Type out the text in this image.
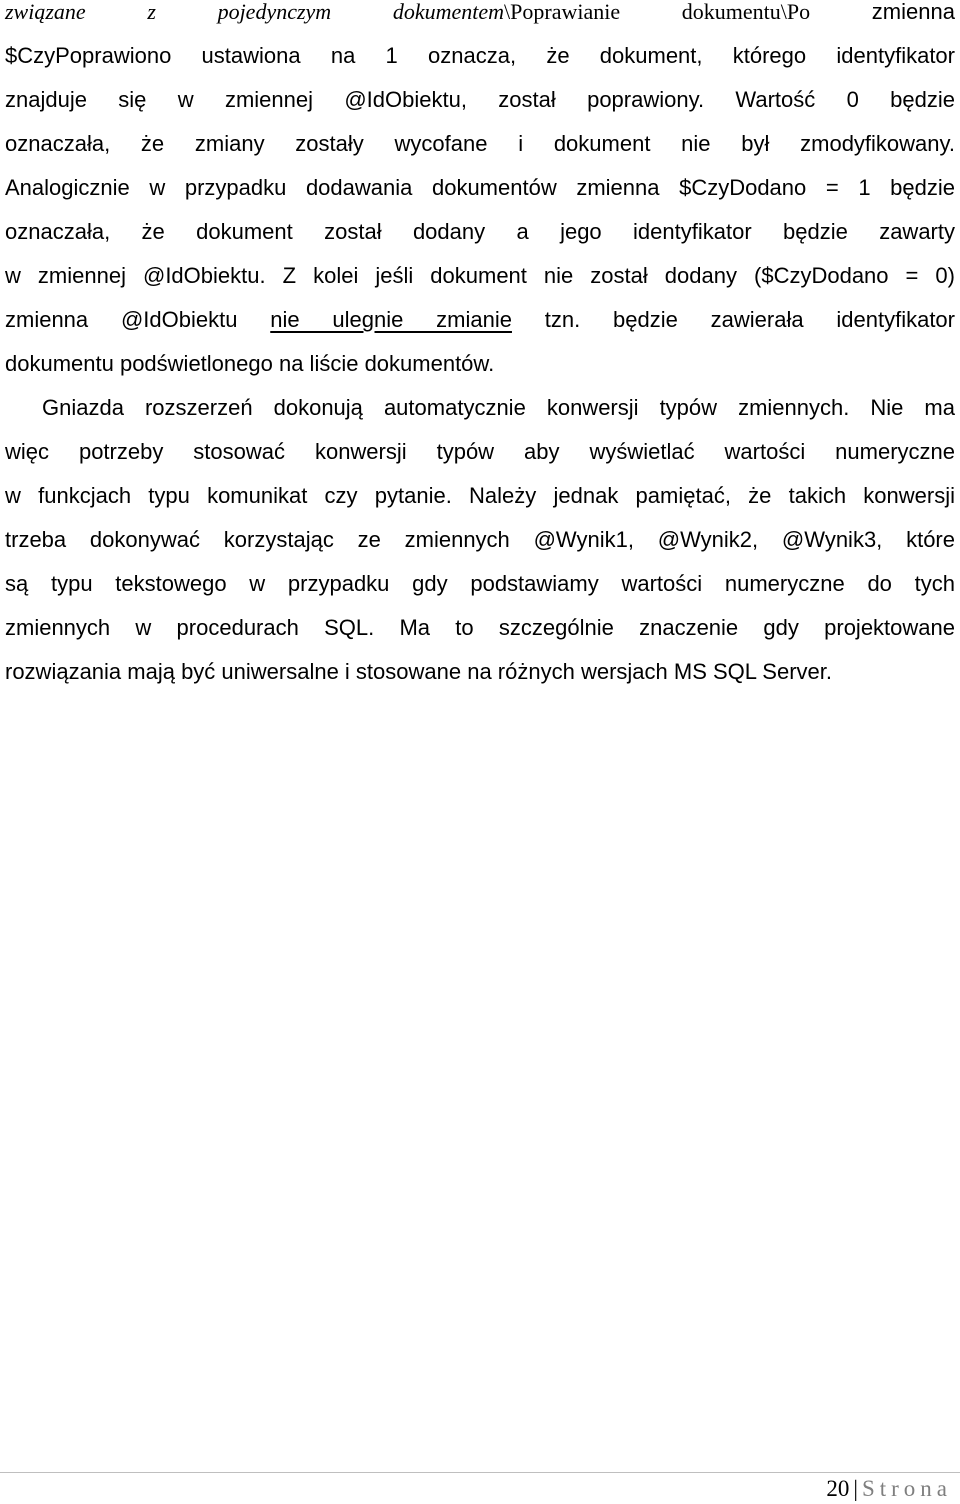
związane	z	pojedynczym	dokumentem\Poprawianie	dokumentu\Po	zmienna
$CzyPoprawiono ustawiona na 1 oznacza, że dokument, którego identyfikator
znajduje się w zmiennej @IdObiektu, został poprawiony. Wartość 0 będzie
oznaczała, że zmiany zostały wycofane i dokument nie był zmodyfikowany.
Analogicznie w przypadku dodawania dokumentów zmienna $CzyDodano = 1 będzie
oznaczała, że dokument został dodany a jego identyfikator będzie zawarty
w zmiennej @IdObiektu. Z kolei jeśli dokument nie został dodany ($CzyDodano = 0)
zmienna @IdObiektu nie ulegnie zmianie tzn. będzie zawierała identyfikator
dokumentu podświetlonego na liście dokumentów.
Gniazda rozszerzeń dokonują automatycznie konwersji typów zmiennych. Nie ma
więc potrzeby stosować konwersji typów aby wyświetlać wartości numeryczne
w funkcjach typu komunikat czy pytanie. Należy jednak pamiętać, że takich konwersji
trzeba dokonywać korzystając ze zmiennych @Wynik1, @Wynik2, @Wynik3, które
są typu tekstowego w przypadku gdy podstawiamy wartości numeryczne do tych
zmiennych w procedurach SQL. Ma to szczególnie znaczenie gdy projektowane
rozwiązania mają być uniwersalne i stosowane na różnych wersjach MS SQL Server.
20 | Strona
